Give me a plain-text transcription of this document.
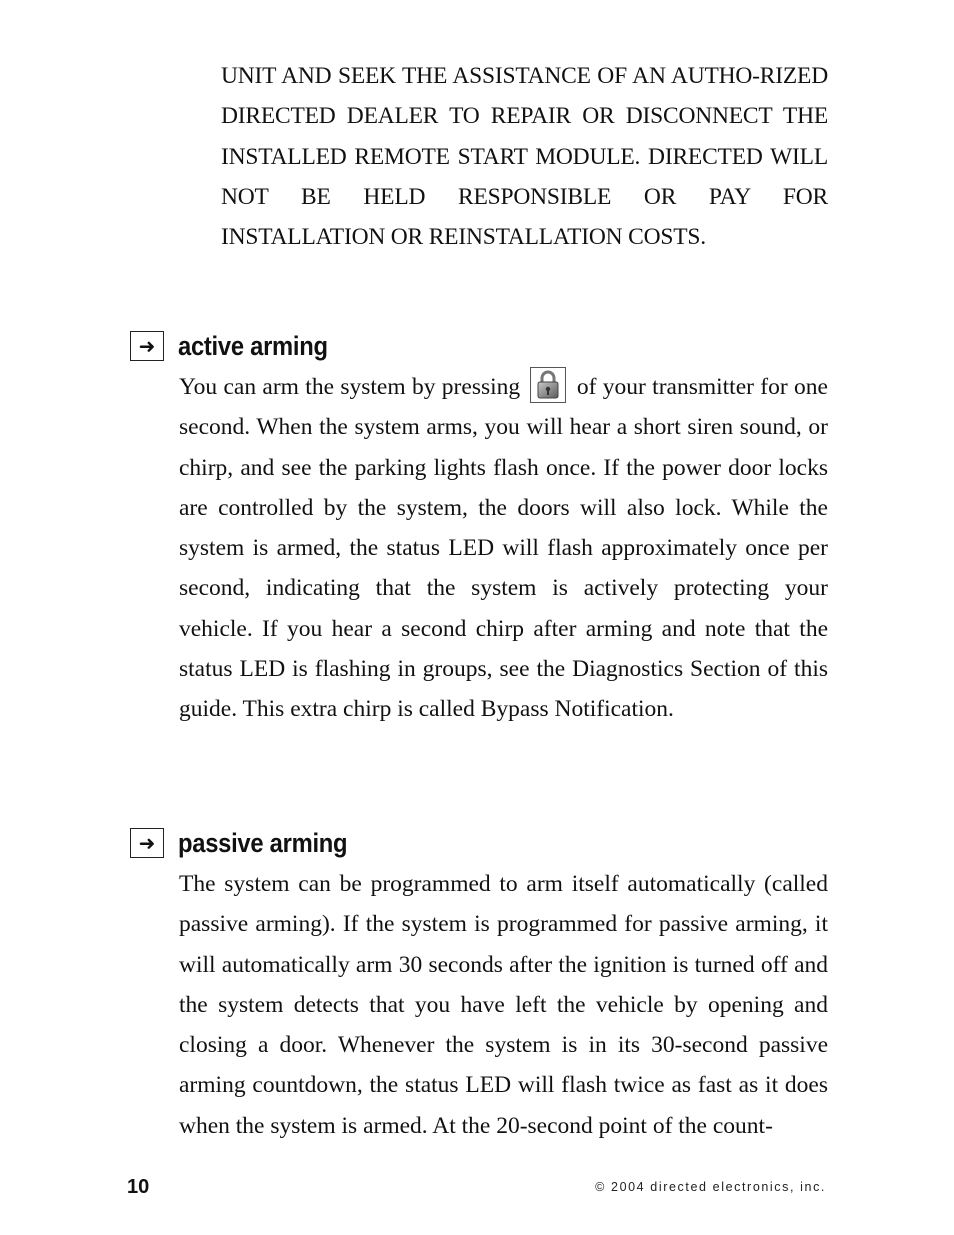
UNIT AND SEEK THE ASSISTANCE OF AN AUTHO-RIZED DIRECTED DEALER TO REPAIR OR DISCONNECT THE INSTALLED REMOTE START MODULE. DIRECTED WILL NOT BE HELD RESPONSIBLE OR PAY FOR INSTALLATION OR REINSTALLATION COSTS.
➜ active arming

You can arm the system by pressing of your transmitter for one second. When the system arms, you will hear a short siren sound, or chirp, and see the parking lights flash once. If the power door locks are controlled by the system, the doors will also lock. While the system is armed, the status LED will flash approximately once per second, indicating that the system is actively protecting your vehicle. If you hear a second chirp after arming and note that the status LED is flashing in groups, see the Diagnostics Section of this guide. This extra chirp is called Bypass Notification.

➜ passive arming
The system can be programmed to arm itself automatically (called passive arming). If the system is programmed for passive arming, it will automatically arm 30 seconds after the ignition is turned off and the system detects that you have left the vehicle by opening and closing a door. Whenever the system is in its 30-second passive arming countdown, the status LED will flash twice as fast as it does when the system is armed. At the 20-second point of the count-
10	© 2004 directed electronics, inc.
